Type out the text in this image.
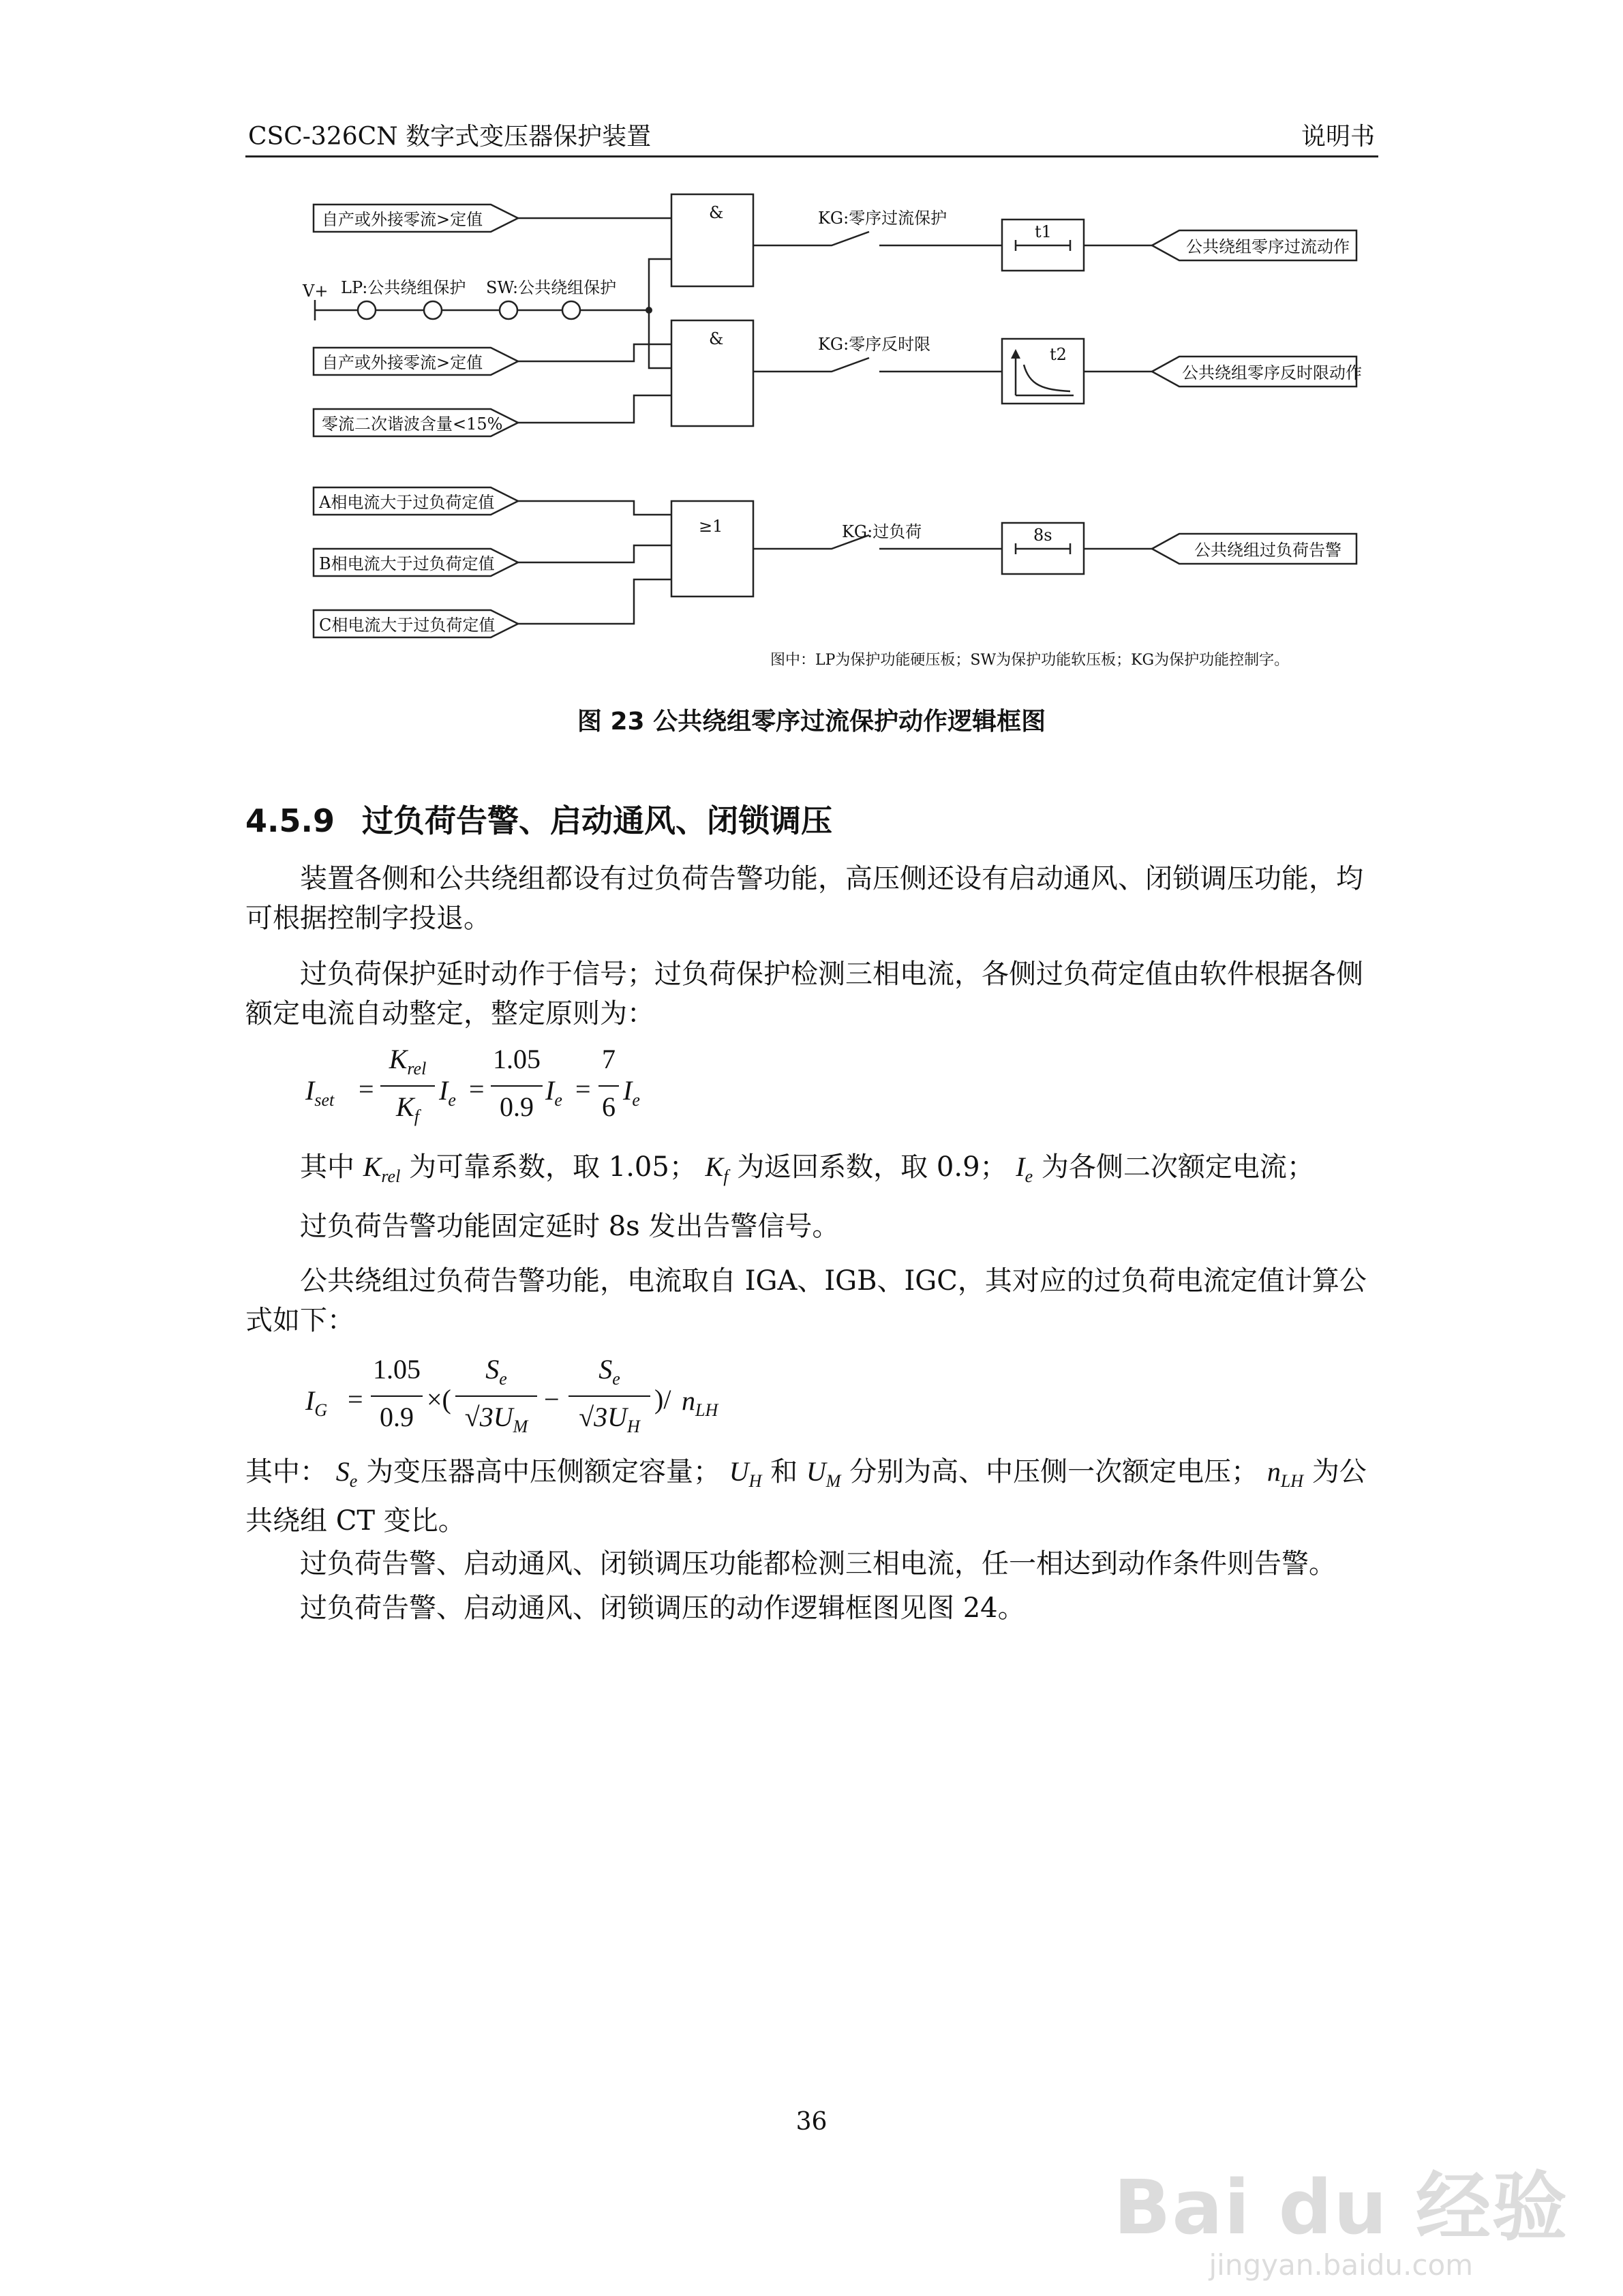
CSC-326CN 数字式变压器保护装置	说明书
自产或外接零流>定值
自产或外接零流>定值
零流二次谐波含量<15%
A相电流大于过负荷定值
B相电流大于过负荷定值
C相电流大于过负荷定值
V+ LP:公共绕组保护 SW:公共绕组保护
&
&
≥1
KG:零序过流保护
KG:零序反时限
KG:过负荷
t1
t2
8s
公共绕组零序过流动作
公共绕组零序反时限动作
公共绕组过负荷告警
图中：LP为保护功能硬压板；SW为保护功能软压板；KG为保护功能控制字。
图 23 公共绕组零序过流保护动作逻辑框图
4.5.9 过负荷告警、启动通风、闭锁调压

装置各侧和公共绕组都设有过负荷告警功能，高压侧还设有启动通风、闭锁调压功能，均可根据控制字投退。

过负荷保护延时动作于信号；过负荷保护检测三相电流，各侧过负荷定值由软件根据各侧额定电流自动整定，整定原则为：

$I_{set}$ =
$K_{rel}$
$K_f$
$I_e$ =
1.05
0.9
$I_e$ =
7
6
$I_e$
其中 $K_{rel}$ 为可靠系数，取 1.05； $K_f$ 为返回系数，取 0.9； $I_e$ 为各侧二次额定电流；

过负荷告警功能固定延时 8s 发出告警信号。

公共绕组过负荷告警功能，电流取自 IGA、IGB、IGC，其对应的过负荷电流定值计算公式如下：

$I_G$ =
1.05
0.9
×(
$S_e$
$√3U_M$
−
$S_e$
$√3U_H$
)/ $n_{LH}$
其中： $S_e$ 为变压器高中压侧额定容量； $U_H$ 和 $U_M$ 分别为高、中压侧一次额定电压； $n_{LH}$ 为公共绕组 CT 变比。

过负荷告警、启动通风、闭锁调压功能都检测三相电流，任一相达到动作条件则告警。

过负荷告警、启动通风、闭锁调压的动作逻辑框图见图 24。

36
Bai du 经验
jingyan.baidu.com
